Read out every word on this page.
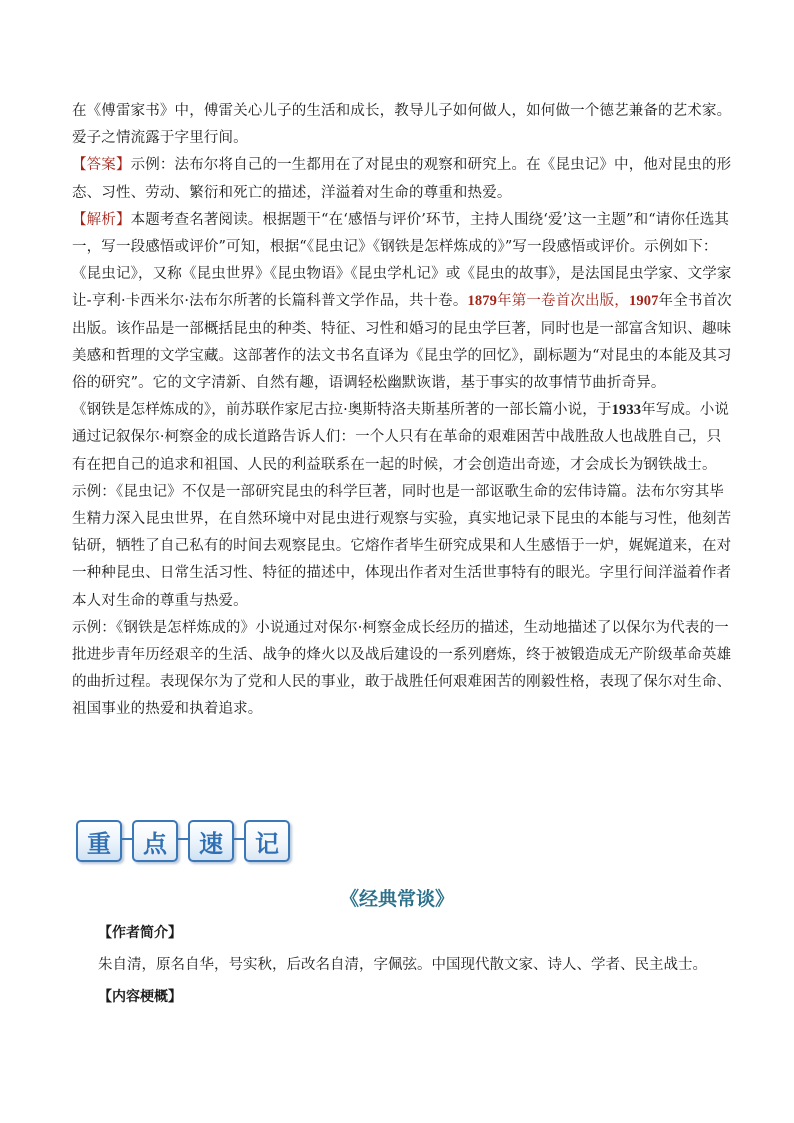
在《傅雷家书》中，傅雷关心儿子的生活和成长，教导儿子如何做人，如何做一个德艺兼备的艺术家。爱子之情流露于字里行间。

【答案】示例：法布尔将自己的一生都用在了对昆虫的观察和研究上。在《昆虫记》中，他对昆虫的形态、习性、劳动、繁衍和死亡的描述，洋溢着对生命的尊重和热爱。

【解析】本题考查名著阅读。根据题干“在‘感悟与评价’环节，主持人围绕‘爱’这一主题”和“请你任选其一，写一段感悟或评价”可知，根据“《昆虫记》《钢铁是怎样炼成的》”写一段感悟或评价。示例如下：

《昆虫记》，又称《昆虫世界》《昆虫物语》《昆虫学札记》或《昆虫的故事》，是法国昆虫学家、文学家让-亨利·卡西米尔·法布尔所著的长篇科普文学作品，共十卷。1879年第一卷首次出版，1907年全书首次出版。该作品是一部概括昆虫的种类、特征、习性和婚习的昆虫学巨著，同时也是一部富含知识、趣味美感和哲理的文学宝藏。这部著作的法文书名直译为《昆虫学的回忆》，副标题为“对昆虫的本能及其习俗的研究”。它的文字清新、自然有趣，语调轻松幽默诙谐，基于事实的故事情节曲折奇异。

《钢铁是怎样炼成的》，前苏联作家尼古拉·奥斯特洛夫斯基所著的一部长篇小说，于1933年写成。小说通过记叙保尔·柯察金的成长道路告诉人们：一个人只有在革命的艰难困苦中战胜敌人也战胜自己，只有在把自己的追求和祖国、人民的利益联系在一起的时候，才会创造出奇迹，才会成长为钢铁战士。

示例：《昆虫记》不仅是一部研究昆虫的科学巨著，同时也是一部讴歌生命的宏伟诗篇。法布尔穷其毕生精力深入昆虫世界，在自然环境中对昆虫进行观察与实验，真实地记录下昆虫的本能与习性，他刻苦钻研，牺牲了自己私有的时间去观察昆虫。它熔作者毕生研究成果和人生感悟于一炉，娓娓道来，在对一种种昆虫、日常生活习性、特征的描述中，体现出作者对生活世事特有的眼光。字里行间洋溢着作者本人对生命的尊重与热爱。

示例：《钢铁是怎样炼成的》小说通过对保尔·柯察金成长经历的描述，生动地描述了以保尔为代表的一批进步青年历经艰辛的生活、战争的烽火以及战后建设的一系列磨炼，终于被锻造成无产阶级革命英雄的曲折过程。表现保尔为了党和人民的事业，敢于战胜任何艰难困苦的刚毅性格，表现了保尔对生命、祖国事业的热爱和执着追求。

重	点	速	记
《经典常谈》
【作者简介】
朱自清，原名自华，号实秋，后改名自清，字佩弦。中国现代散文家、诗人、学者、民主战士。
【内容梗概】
